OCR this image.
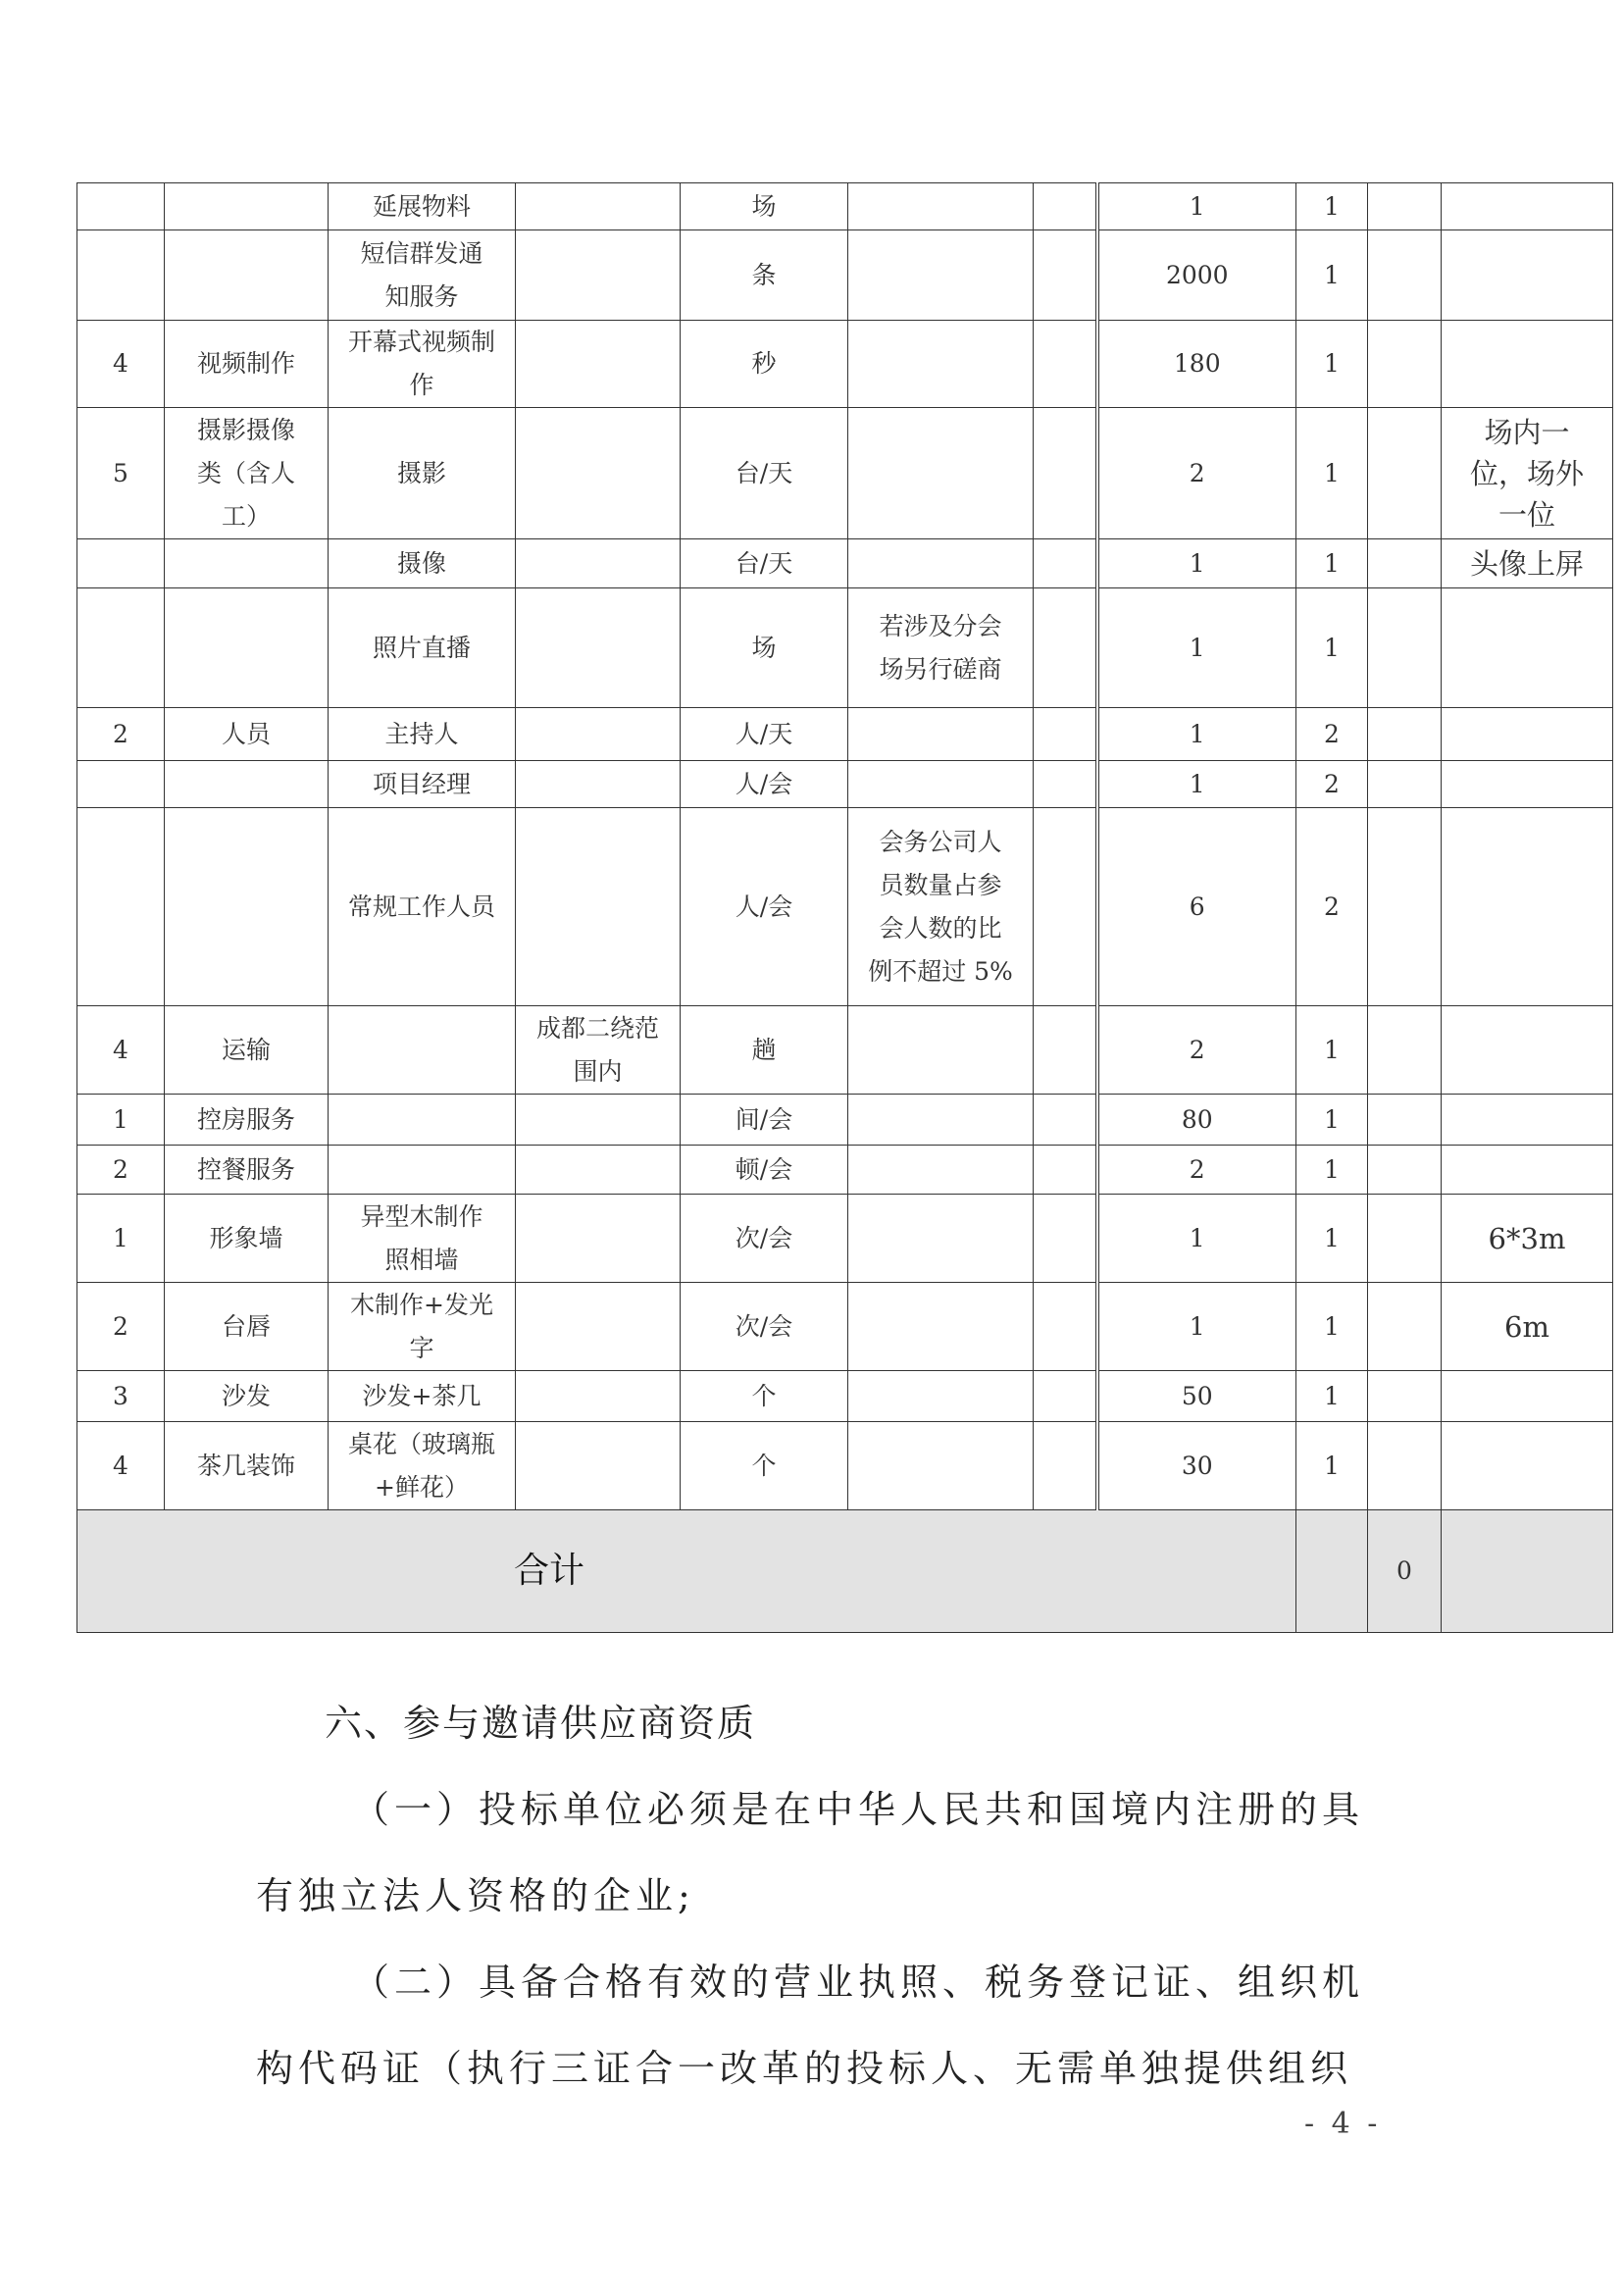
		延展物料		场			1	1		
		短信群发通
知服务		条			2000	1		
4	视频制作	开幕式视频制
作		秒			180	1		
5	摄影摄像
类（含人
工）	摄影		台/天			2	1		场内一
位，场外
一位
		摄像		台/天			1	1		头像上屏
		照片直播		场	若涉及分会
场另行磋商		1	1		
2	人员	主持人		人/天			1	2		
		项目经理		人/会			1	2		
		常规工作人员		人/会	会务公司人
员数量占参
会人数的比
例不超过 5%		6	2		
4	运输		成都二绕范
围内	趟			2	1		
1	控房服务			间/会			80	1		
2	控餐服务			顿/会			2	1		
1	形象墙	异型木制作
照相墙		次/会			1	1		6*3m
2	台唇	木制作+发光
字		次/会			1	1		6m
3	沙发	沙发+茶几		个			50	1		
4	茶几装饰	桌花（玻璃瓶
+鲜花）		个			30	1		
合计									0	
六、参与邀请供应商资质
（一）投标单位必须是在中华人民共和国境内注册的具
有独立法人资格的企业;
（二）具备合格有效的营业执照、税务登记证、组织机
构代码证（执行三证合一改革的投标人、无需单独提供组织
- 4 -
